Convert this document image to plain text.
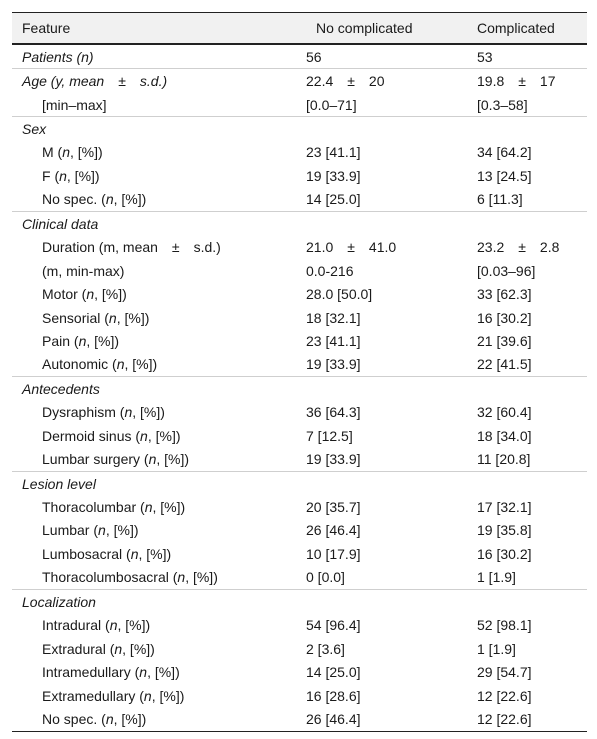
Feature	No complicated	Complicated
Patients (n)	56	53
Age (y, mean ± s.d.)	22.4 ± 20	19.8 ± 17
[min–max]	[0.0–71]	[0.3–58]
Sex		
M (n, [%])	23 [41.1]	34 [64.2]
F (n, [%])	19 [33.9]	13 [24.5]
No spec. (n, [%])	14 [25.0]	6 [11.3]
Clinical data		
Duration (m, mean ± s.d.)	21.0 ± 41.0	23.2 ± 2.8
(m, min-max)	0.0-216	[0.03–96]
Motor (n, [%])	28.0 [50.0]	33 [62.3]
Sensorial (n, [%])	18 [32.1]	16 [30.2]
Pain (n, [%])	23 [41.1]	21 [39.6]
Autonomic (n, [%])	19 [33.9]	22 [41.5]
Antecedents		
Dysraphism (n, [%])	36 [64.3]	32 [60.4]
Dermoid sinus (n, [%])	7 [12.5]	18 [34.0]
Lumbar surgery (n, [%])	19 [33.9]	11 [20.8]
Lesion level		
Thoracolumbar (n, [%])	20 [35.7]	17 [32.1]
Lumbar (n, [%])	26 [46.4]	19 [35.8]
Lumbosacral (n, [%])	10 [17.9]	16 [30.2]
Thoracolumbosacral (n, [%])	0 [0.0]	1 [1.9]
Localization		
Intradural (n, [%])	54 [96.4]	52 [98.1]
Extradural (n, [%])	2 [3.6]	1 [1.9]
Intramedullary (n, [%])	14 [25.0]	29 [54.7]
Extramedullary (n, [%])	16 [28.6]	12 [22.6]
No spec. (n, [%])	26 [46.4]	12 [22.6]
